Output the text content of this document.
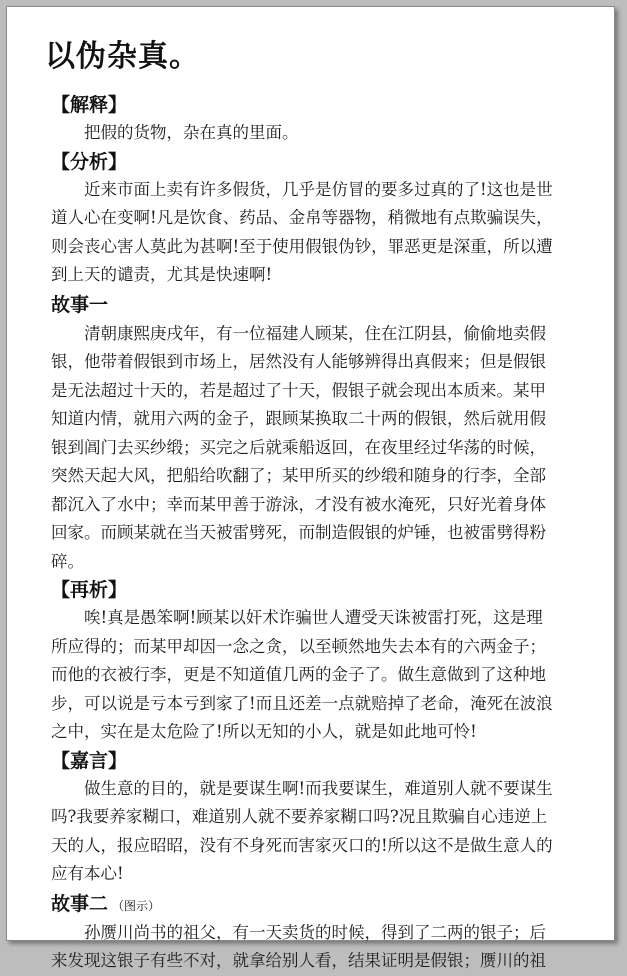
以伪杂真。
【解释】
把假的货物，杂在真的里面。
【分析】
近来市面上卖有许多假货，几乎是仿冒的要多过真的了!这也是世
道人心在变啊!凡是饮食、药品、金帛等器物，稍微地有点欺骗误失，
则会丧心害人莫此为甚啊!至于使用假银伪钞，罪恶更是深重，所以遭
到上天的谴责，尤其是快速啊!
故事一
清朝康熙庚戌年，有一位福建人顾某，住在江阴县，偷偷地卖假
银，他带着假银到市场上，居然没有人能够辨得出真假来；但是假银
是无法超过十天的，若是超过了十天，假银子就会现出本质来。某甲
知道内情，就用六两的金子，跟顾某换取二十两的假银，然后就用假
银到阊门去买纱缎；买完之后就乘船返回，在夜里经过华荡的时候，
突然天起大风，把船给吹翻了；某甲所买的纱缎和随身的行李，全部
都沉入了水中；幸而某甲善于游泳，才没有被水淹死，只好光着身体
回家。而顾某就在当天被雷劈死，而制造假银的炉锤，也被雷劈得粉
碎。
【再析】
唉!真是愚笨啊!顾某以奸术诈骗世人遭受天诛被雷打死，这是理
所应得的；而某甲却因一念之贪，以至顿然地失去本有的六两金子；
而他的衣被行李，更是不知道值几两的金子了。做生意做到了这种地
步，可以说是亏本亏到家了!而且还差一点就赔掉了老命，淹死在波浪
之中，实在是太危险了!所以无知的小人，就是如此地可怜!
【嘉言】
做生意的目的，就是要谋生啊!而我要谋生，难道别人就不要谋生
吗?我要养家糊口，难道别人就不要养家糊口吗?况且欺骗自心违逆上
天的人，报应昭昭，没有不身死而害家灭口的!所以这不是做生意人的
应有本心!
故事二 （图示）
孙赝川尚书的祖父，有一天卖货的时候，得到了二两的银子；后
来发现这银子有些不对，就拿给别人看，结果证明是假银；赝川的祖
